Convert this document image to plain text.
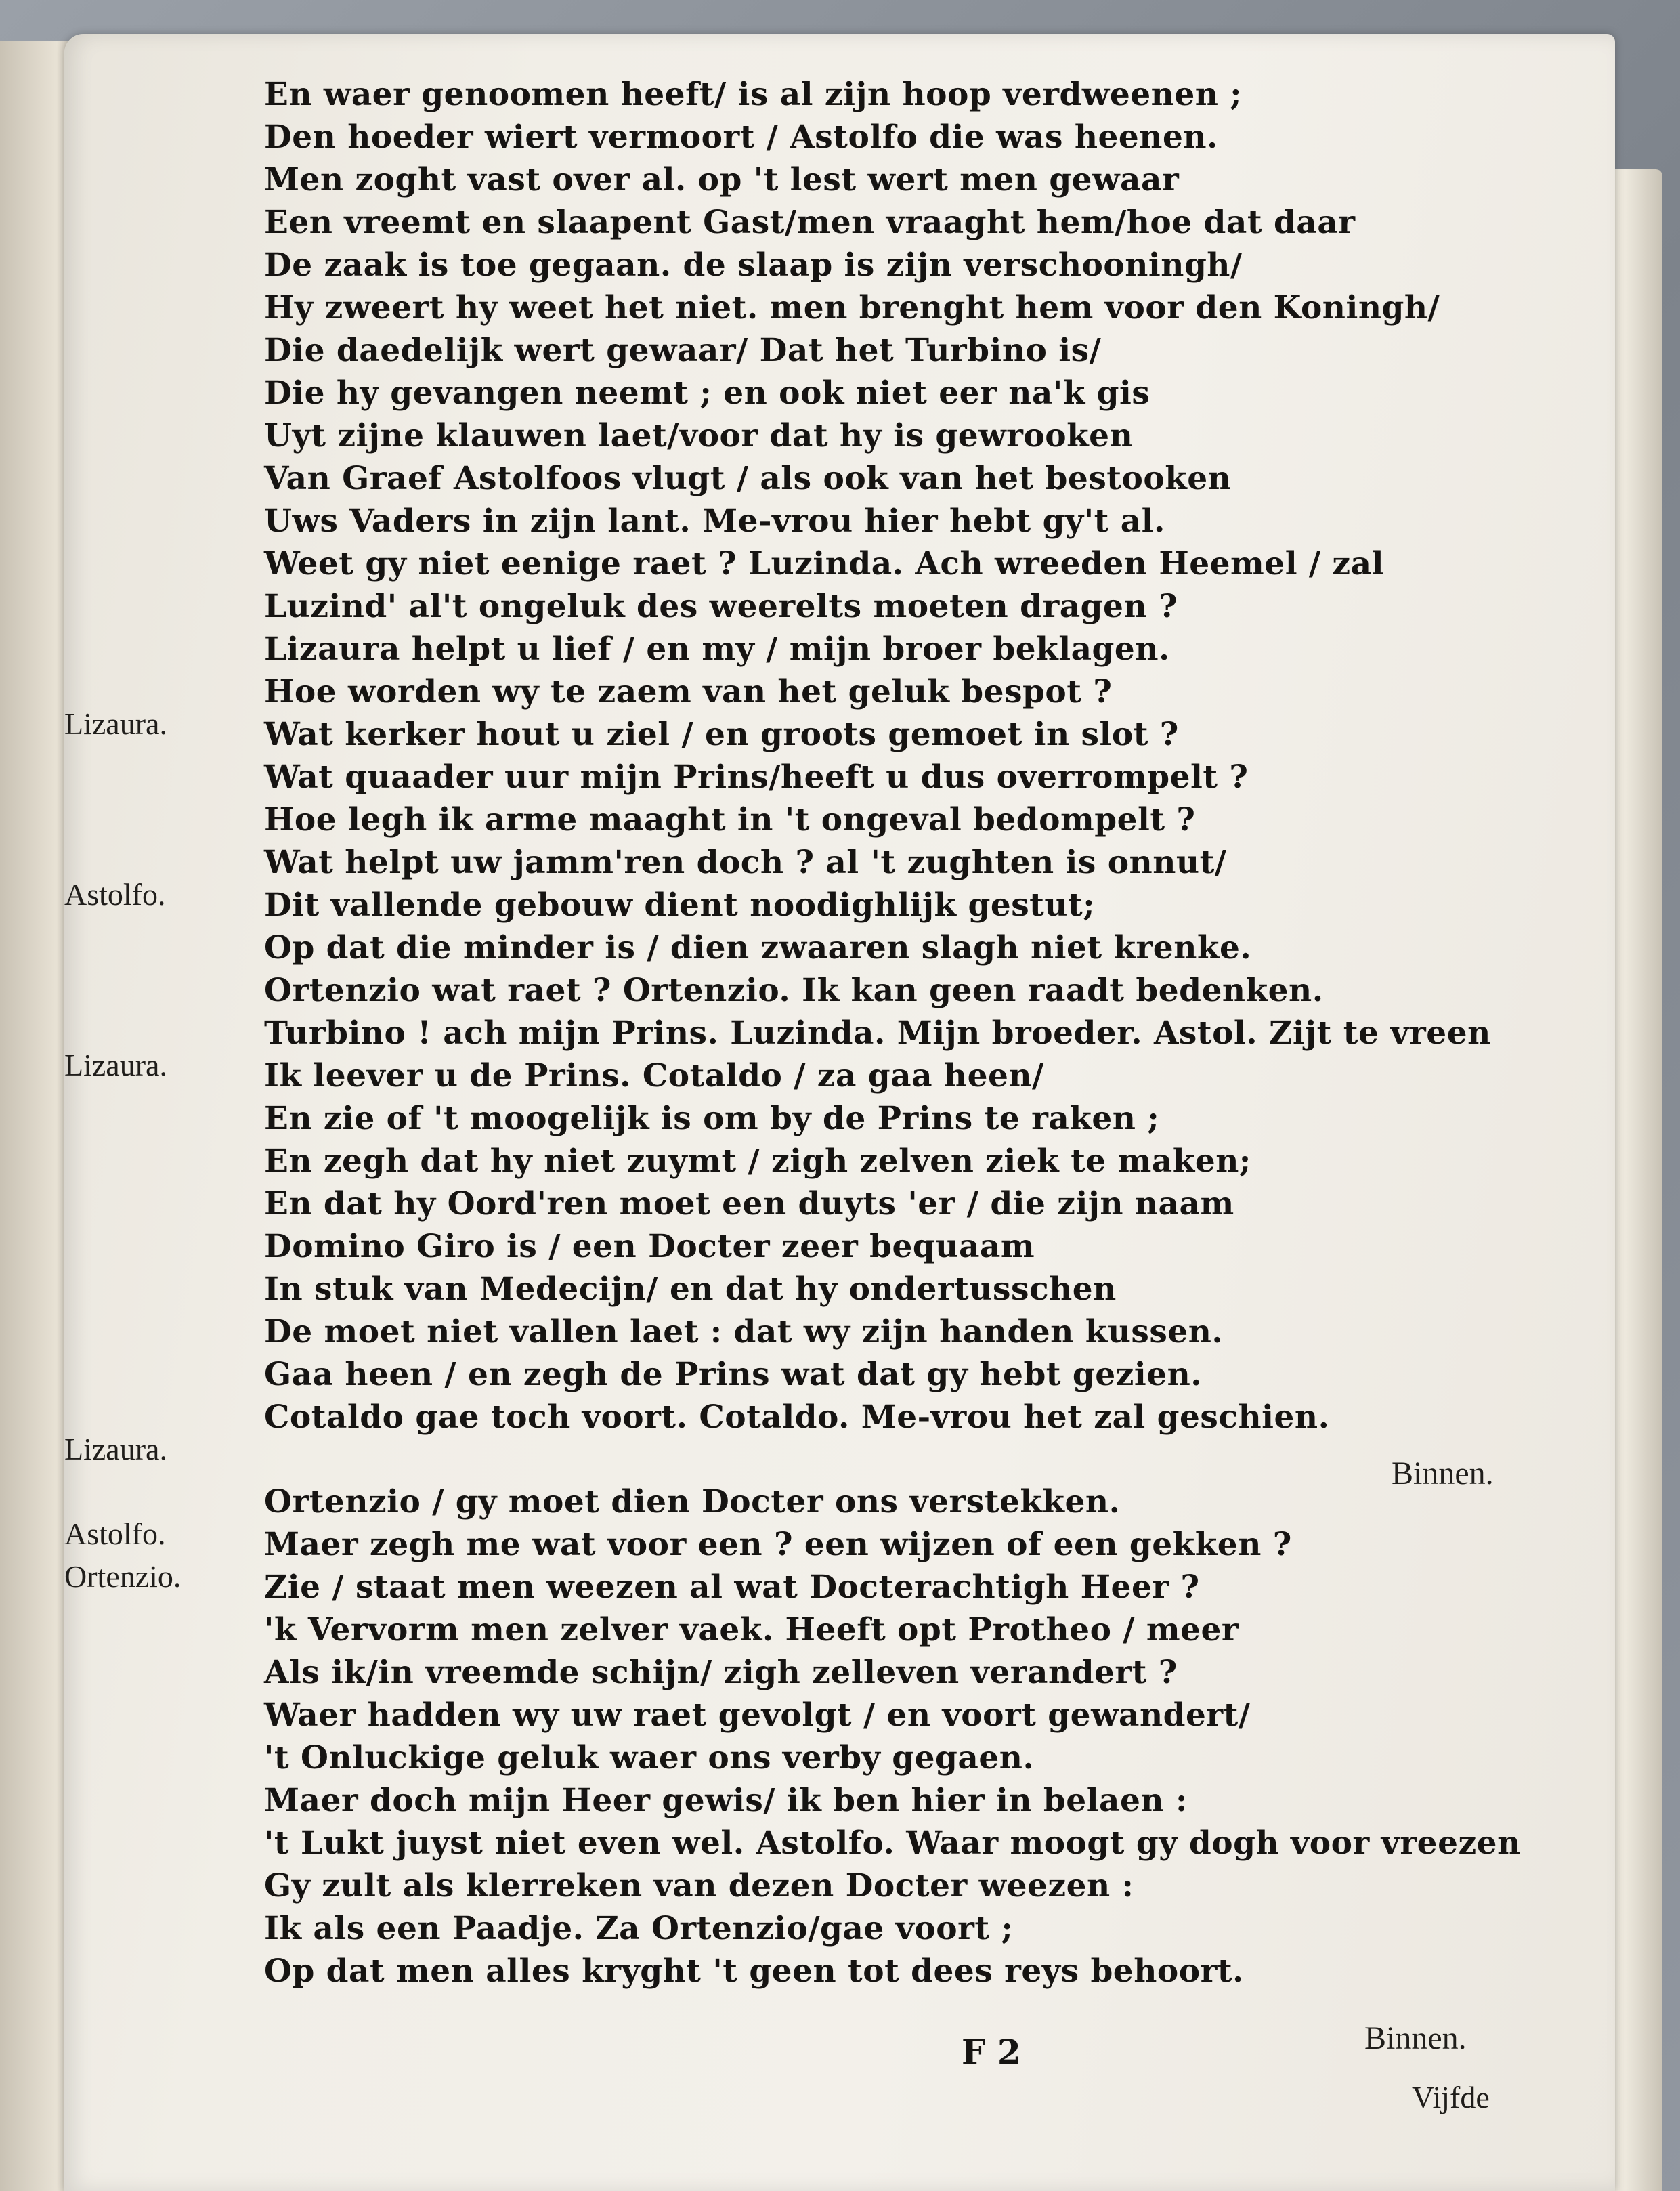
En waer genoomen heeft/ is al zijn hoop verdweenen ;
Den hoeder wiert vermoort / Astolfo die was heenen.
Men zoght vast over al. op 't lest wert men gewaar
Een vreemt en slaapent Gast/men vraaght hem/hoe dat daar
De zaak is toe gegaan. de slaap is zijn verschooningh/
Hy zweert hy weet het niet. men brenght hem voor den Koningh/
Die daedelijk wert gewaar/ Dat het Turbino is/
Die hy gevangen neemt ; en ook niet eer na'k gis
Uyt zijne klauwen laet/voor dat hy is gewrooken
Van Graef Astolfoos vlugt / als ook van het bestooken
Uws Vaders in zijn lant. Me-vrou hier hebt gy't al.
Weet gy niet eenige raet ? Luzinda. Ach wreeden Heemel / zal
Luzind' al't ongeluk des weerelts moeten dragen ?
Lizaura helpt u lief / en my / mijn broer beklagen.
Hoe worden wy te zaem van het geluk bespot ?
Wat kerker hout u ziel / en groots gemoet in slot ?
Wat quaader uur mijn Prins/heeft u dus overrompelt ?
Hoe legh ik arme maaght in 't ongeval bedompelt ?
Wat helpt uw jamm'ren doch ? al 't zughten is onnut/
Dit vallende gebouw dient noodighlijk gestut;
Op dat die minder is / dien zwaaren slagh niet krenke.
Ortenzio wat raet ? Ortenzio. Ik kan geen raadt bedenken.
Turbino ! ach mijn Prins. Luzinda. Mijn broeder. Astol. Zijt te vreen
Ik leever u de Prins. Cotaldo / za gaa heen/
En zie of 't moogelijk is om by de Prins te raken ;
En zegh dat hy niet zuymt / zigh zelven ziek te maken;
En dat hy Oord'ren moet een duyts 'er / die zijn naam
Domino Giro is / een Docter zeer bequaam
In stuk van Medecijn/ en dat hy ondertusschen
De moet niet vallen laet : dat wy zijn handen kussen.
Gaa heen / en zegh de Prins wat dat gy hebt gezien.
Cotaldo gae toch voort. Cotaldo. Me-vrou het zal geschien.
Ortenzio / gy moet dien Docter ons verstekken.
Maer zegh me wat voor een ? een wijzen of een gekken ?
Zie / staat men weezen al wat Docterachtigh Heer ?
'k Vervorm men zelver vaek. Heeft opt Protheo / meer
Als ik/in vreemde schijn/ zigh zelleven verandert ?
Waer hadden wy uw raet gevolgt / en voort gewandert/
't Onluckige geluk waer ons verby gegaen.
Maer doch mijn Heer gewis/ ik ben hier in belaen :
't Lukt juyst niet even wel. Astolfo. Waar moogt gy dogh voor vreezen
Gy zult als klerreken van dezen Docter weezen :
Ik als een Paadje. Za Ortenzio/gae voort ;
Op dat men alles kryght 't geen tot dees reys behoort.
Lizaura.
Astolfo.
Lizaura.
Lizaura.
Astolfo.
Ortenzio.
Binnen.
Binnen.
F 2
Vijfde
